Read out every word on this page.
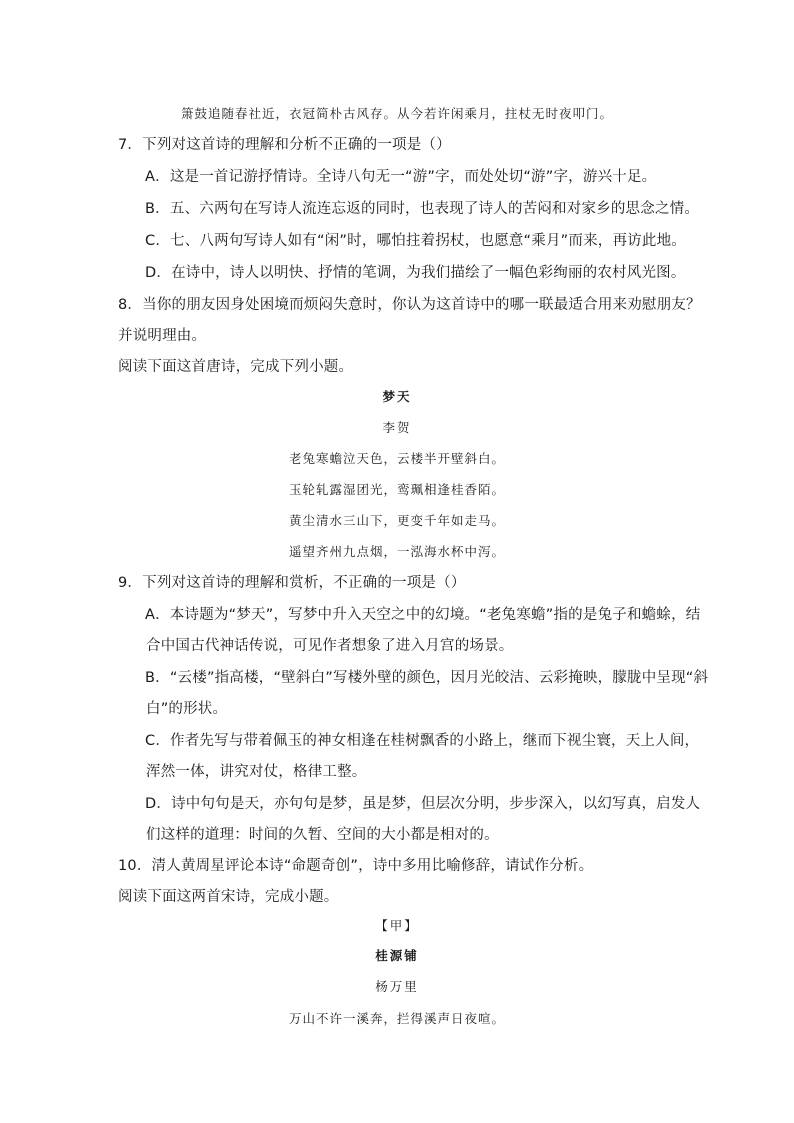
箫鼓追随春社近，衣冠简朴古风存。从今若许闲乘月，拄杖无时夜叩门。
7．下列对这首诗的理解和分析不正确的一项是（）
A．这是一首记游抒情诗。全诗八句无一“游”字，而处处切“游”字，游兴十足。
B．五、六两句在写诗人流连忘返的同时，也表现了诗人的苦闷和对家乡的思念之情。
C．七、八两句写诗人如有“闲”时，哪怕拄着拐杖，也愿意“乘月”而来，再访此地。
D．在诗中，诗人以明快、抒情的笔调，为我们描绘了一幅色彩绚丽的农村风光图。
8．当你的朋友因身处困境而烦闷失意时，你认为这首诗中的哪一联最适合用来劝慰朋友？
并说明理由。
阅读下面这首唐诗，完成下列小题。
梦天
李贺
老兔寒蟾泣天色，云楼半开壁斜白。
玉轮轧露湿团光，鸾珮相逢桂香陌。
黄尘清水三山下，更变千年如走马。
遥望齐州九点烟，一泓海水杯中泻。
9．下列对这首诗的理解和赏析，不正确的一项是（）
A．本诗题为“梦天”，写梦中升入天空之中的幻境。“老兔寒蟾”指的是兔子和蟾蜍，结
合中国古代神话传说，可见作者想象了进入月宫的场景。
B．“云楼”指高楼，“壁斜白”写楼外壁的颜色，因月光皎洁、云彩掩映，朦胧中呈现“斜
白”的形状。
C．作者先写与带着佩玉的神女相逢在桂树飘香的小路上，继而下视尘寰，天上人间，
浑然一体，讲究对仗，格律工整。
D．诗中句句是天，亦句句是梦，虽是梦，但层次分明，步步深入，以幻写真，启发人
们这样的道理：时间的久暂、空间的大小都是相对的。
10．清人黄周星评论本诗“命题奇创”，诗中多用比喻修辞，请试作分析。
阅读下面这两首宋诗，完成小题。
【甲】
桂源铺
杨万里
万山不许一溪奔，拦得溪声日夜喧。
